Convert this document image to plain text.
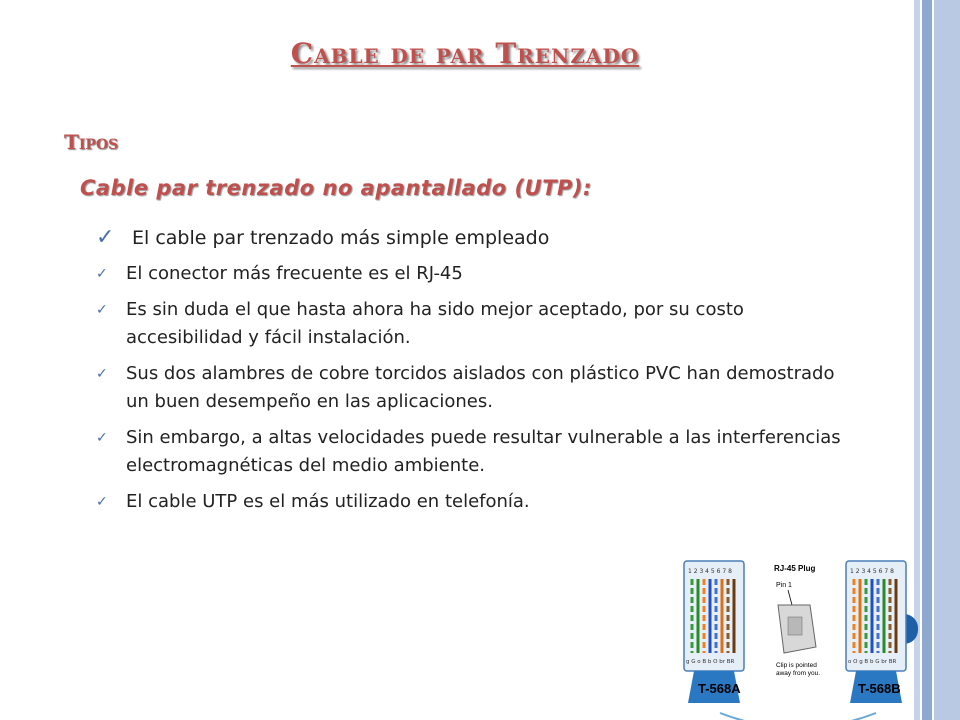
Cable de par Trenzado
Tipos
Cable par trenzado no apantallado (UTP):
✓ El cable par trenzado más simple empleado
✓ El conector más frecuente es el RJ-45
✓ Es sin duda el que hasta ahora ha sido mejor aceptado, por su costo accesibilidad y fácil instalación.
✓ Sus dos alambres de cobre torcidos aislados con plástico PVC han demostrado un buen desempeño en las aplicaciones.
✓ Sin embargo, a altas velocidades puede resultar vulnerable a las interferencias electromagnéticas del medio ambiente.
✓ El cable UTP es el más utilizado en telefonía.
1 2 3 4 5 6 7 8
g G o B b O br BR
T-568A
1 2 3 4 5 6 7 8
o O g B b G br BR
T-568B
RJ-45 Plug
Pin 1
Clip is pointed
away from you.
